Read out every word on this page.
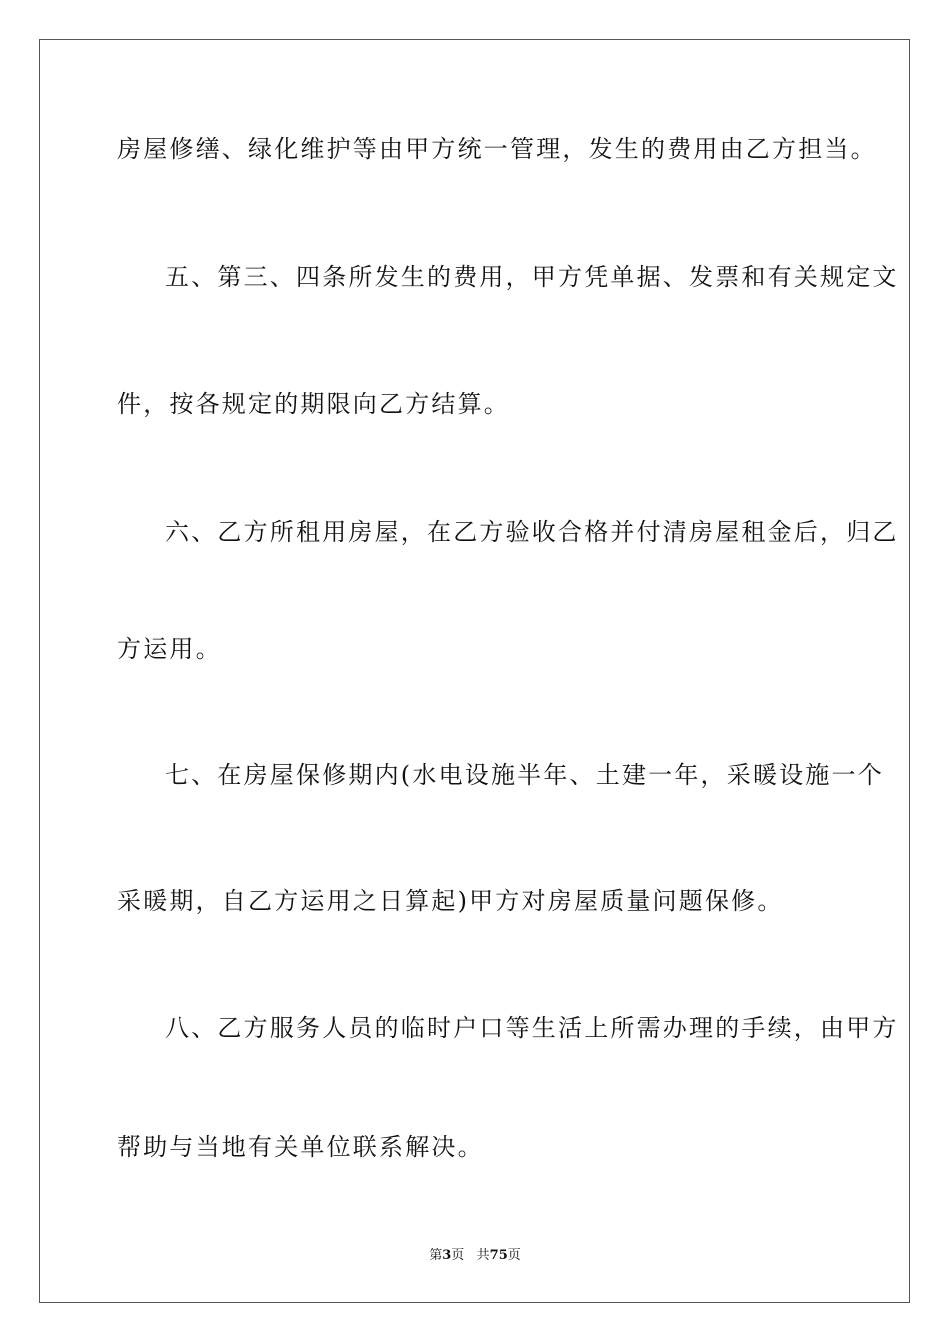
房屋修缮、绿化维护等由甲方统一管理，发生的费用由乙方担当。
五、第三、四条所发生的费用，甲方凭单据、发票和有关规定文
件，按各规定的期限向乙方结算。
六、乙方所租用房屋，在乙方验收合格并付清房屋租金后，归乙
方运用。
七、在房屋保修期内(水电设施半年、土建一年，采暖设施一个
采暖期，自乙方运用之日算起)甲方对房屋质量问题保修。
八、乙方服务人员的临时户口等生活上所需办理的手续，由甲方
帮助与当地有关单位联系解决。
第3页   共75页
